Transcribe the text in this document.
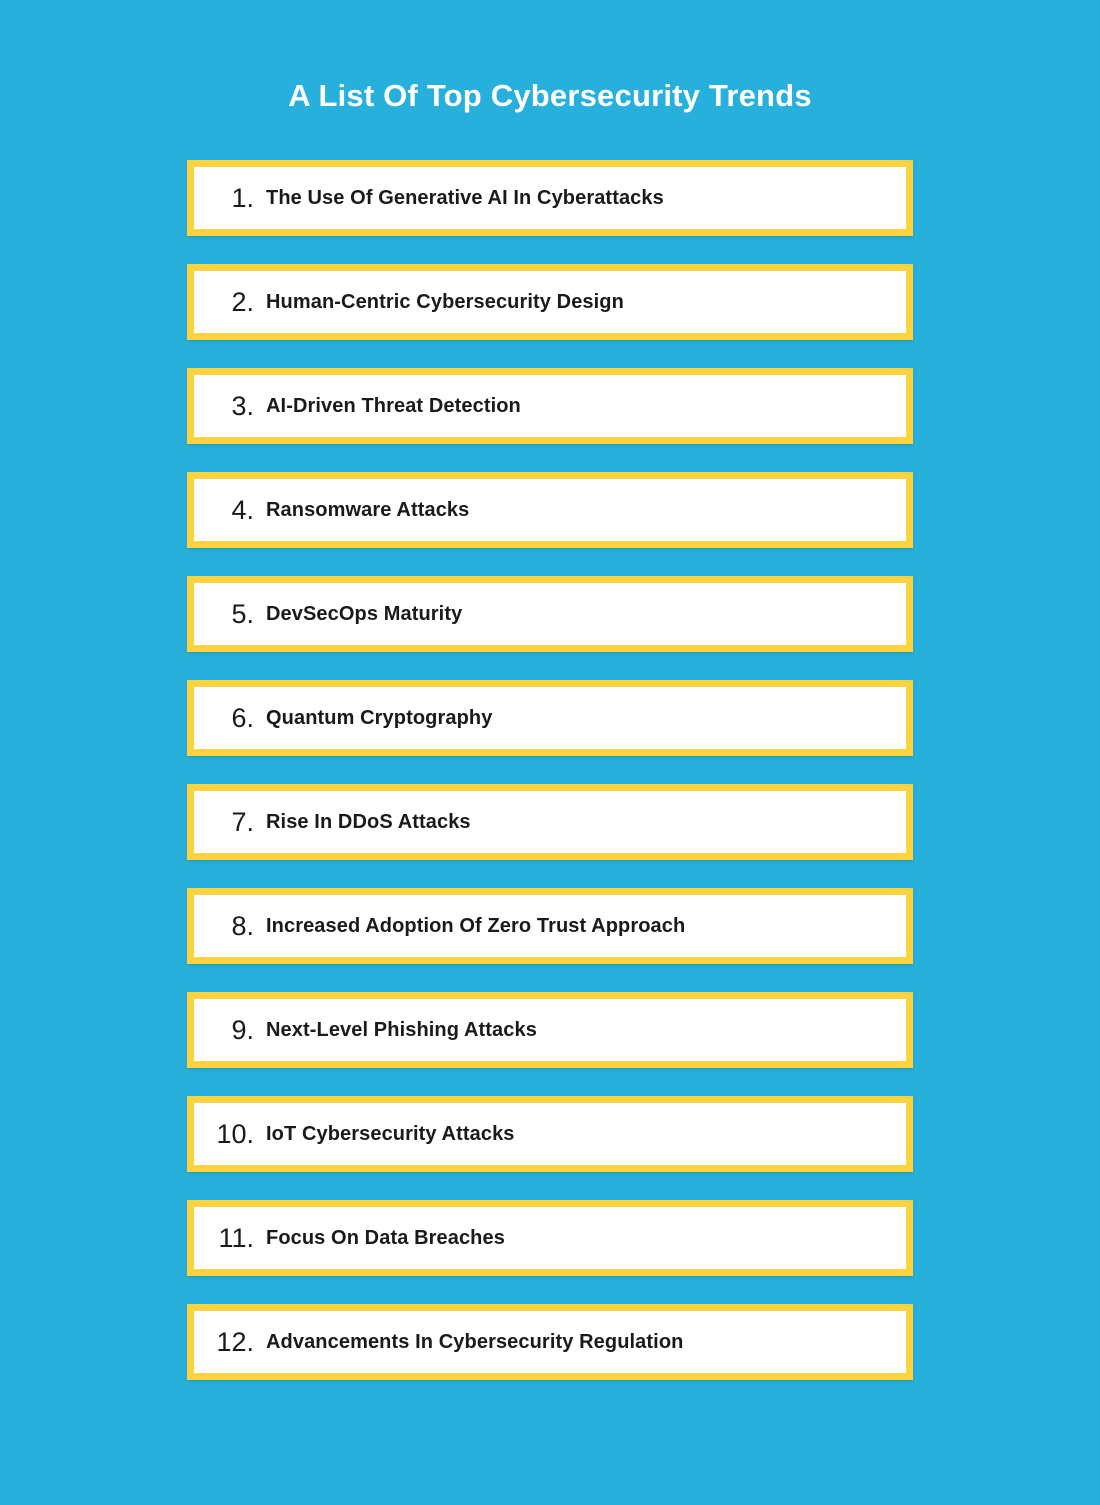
A List Of Top Cybersecurity Trends
1. The Use Of Generative AI In Cyberattacks
2. Human-Centric Cybersecurity Design
3. AI-Driven Threat Detection
4. Ransomware Attacks
5. DevSecOps Maturity
6. Quantum Cryptography
7. Rise In DDoS Attacks
8. Increased Adoption Of Zero Trust Approach
9. Next-Level Phishing Attacks
10. IoT Cybersecurity Attacks
11. Focus On Data Breaches
12. Advancements In Cybersecurity Regulation
